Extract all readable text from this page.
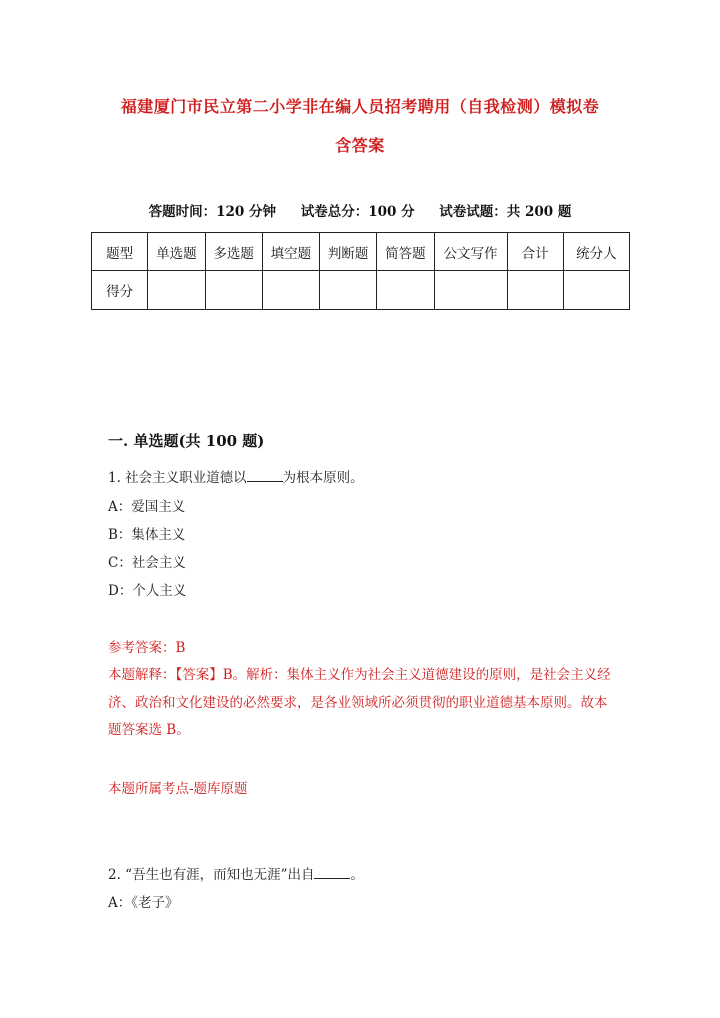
福建厦门市民立第二小学非在编人员招考聘用（自我检测）模拟卷
含答案
答题时间：120 分钟 试卷总分：100 分 试卷试题：共 200 题
题型	单选题	多选题	填空题	判断题	简答题	公文写作	合计	统分人
得分								
一. 单选题(共 100 题)
1. 社会主义职业道德以	为根本原则。
A：爱国主义
B：集体主义
C：社会主义
D：个人主义
参考答案：B
本题解释：【答案】B。解析：集体主义作为社会主义道德建设的原则，是社会主义经济、政治和文化建设的必然要求，是各业领域所必须贯彻的职业道德基本原则。故本题答案选 B。
本题所属考点-题库原题
2. “吾生也有涯，而知也无涯”出自	。
A：《老子》
